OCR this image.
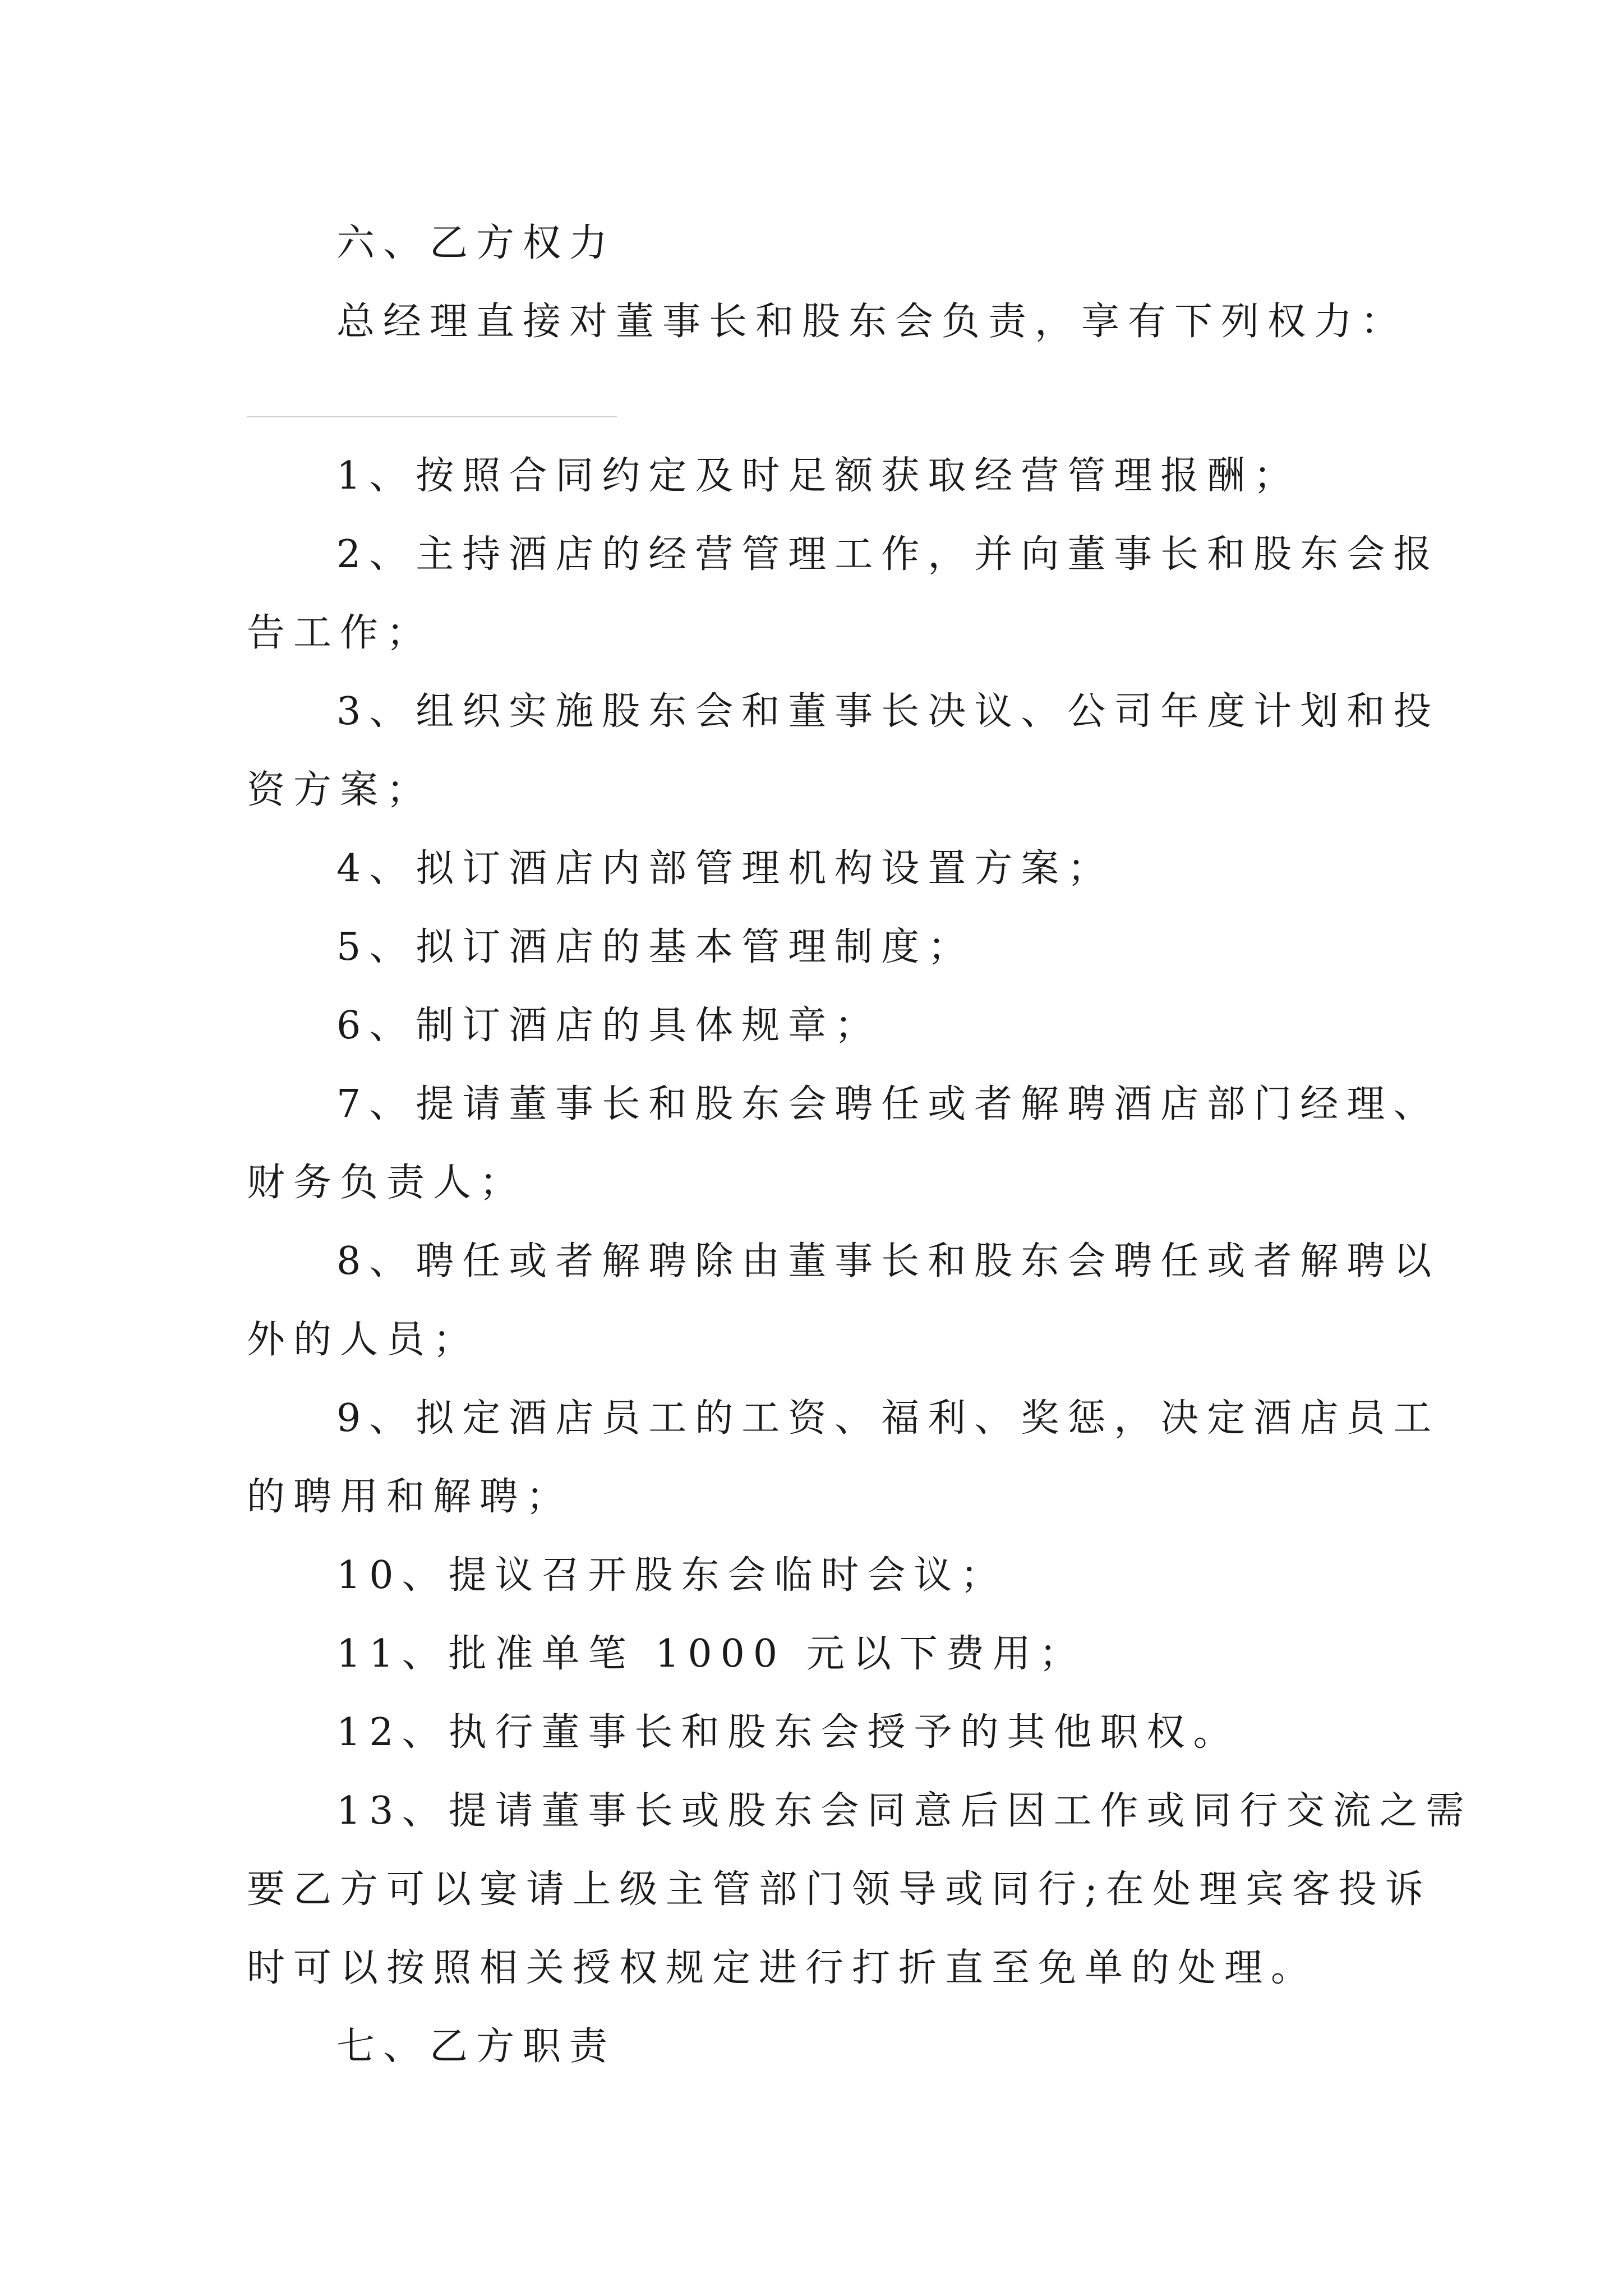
六、乙方权力
总经理直接对董事长和股东会负责，享有下列权力：
1、按照合同约定及时足额获取经营管理报酬；
2、主持酒店的经营管理工作，并向董事长和股东会报
告工作；
3、组织实施股东会和董事长决议、公司年度计划和投
资方案；
4、拟订酒店内部管理机构设置方案；
5、拟订酒店的基本管理制度；
6、制订酒店的具体规章；
7、提请董事长和股东会聘任或者解聘酒店部门经理、
财务负责人；
8、聘任或者解聘除由董事长和股东会聘任或者解聘以
外的人员；
9、拟定酒店员工的工资、福利、奖惩，决定酒店员工
的聘用和解聘；
10、提议召开股东会临时会议；
11、批准单笔 1000 元以下费用；
12、执行董事长和股东会授予的其他职权。
13、提请董事长或股东会同意后因工作或同行交流之需
要乙方可以宴请上级主管部门领导或同行;在处理宾客投诉
时可以按照相关授权规定进行打折直至免单的处理。
七、乙方职责
